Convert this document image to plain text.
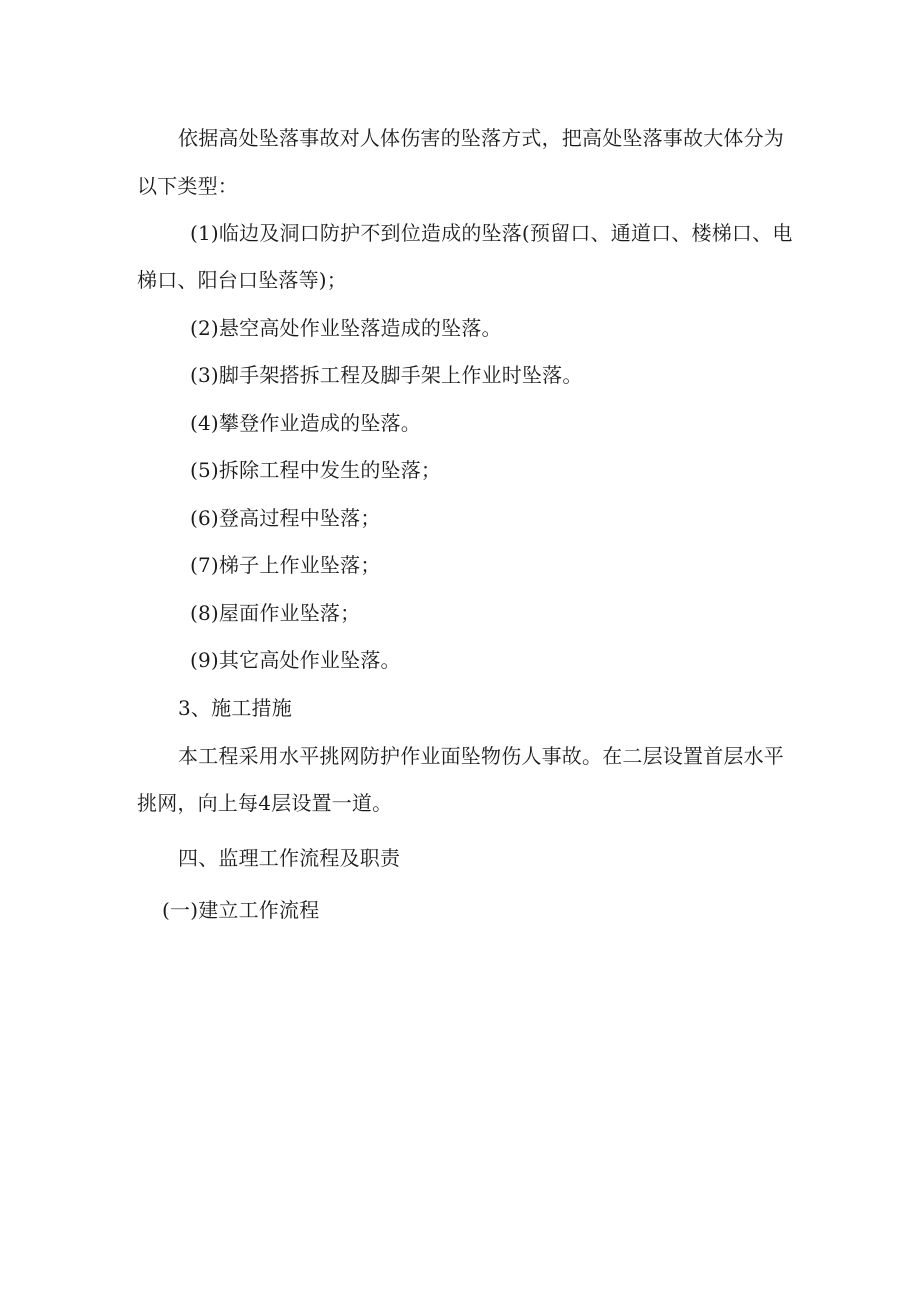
依据高处坠落事故对人体伤害的坠落方式，把高处坠落事故大体分为
以下类型：
(1)临边及洞口防护不到位造成的坠落(预留口、通道口、楼梯口、电
梯口、阳台口坠落等)；
(2)悬空高处作业坠落造成的坠落。
(3)脚手架搭拆工程及脚手架上作业时坠落。
(4)攀登作业造成的坠落。
(5)拆除工程中发生的坠落；
(6)登高过程中坠落；
(7)梯子上作业坠落；
(8)屋面作业坠落；
(9)其它高处作业坠落。
3、施工措施
本工程采用水平挑网防护作业面坠物伤人事故。在二层设置首层水平
挑网，向上每4层设置一道。
四、监理工作流程及职责
(一)建立工作流程
